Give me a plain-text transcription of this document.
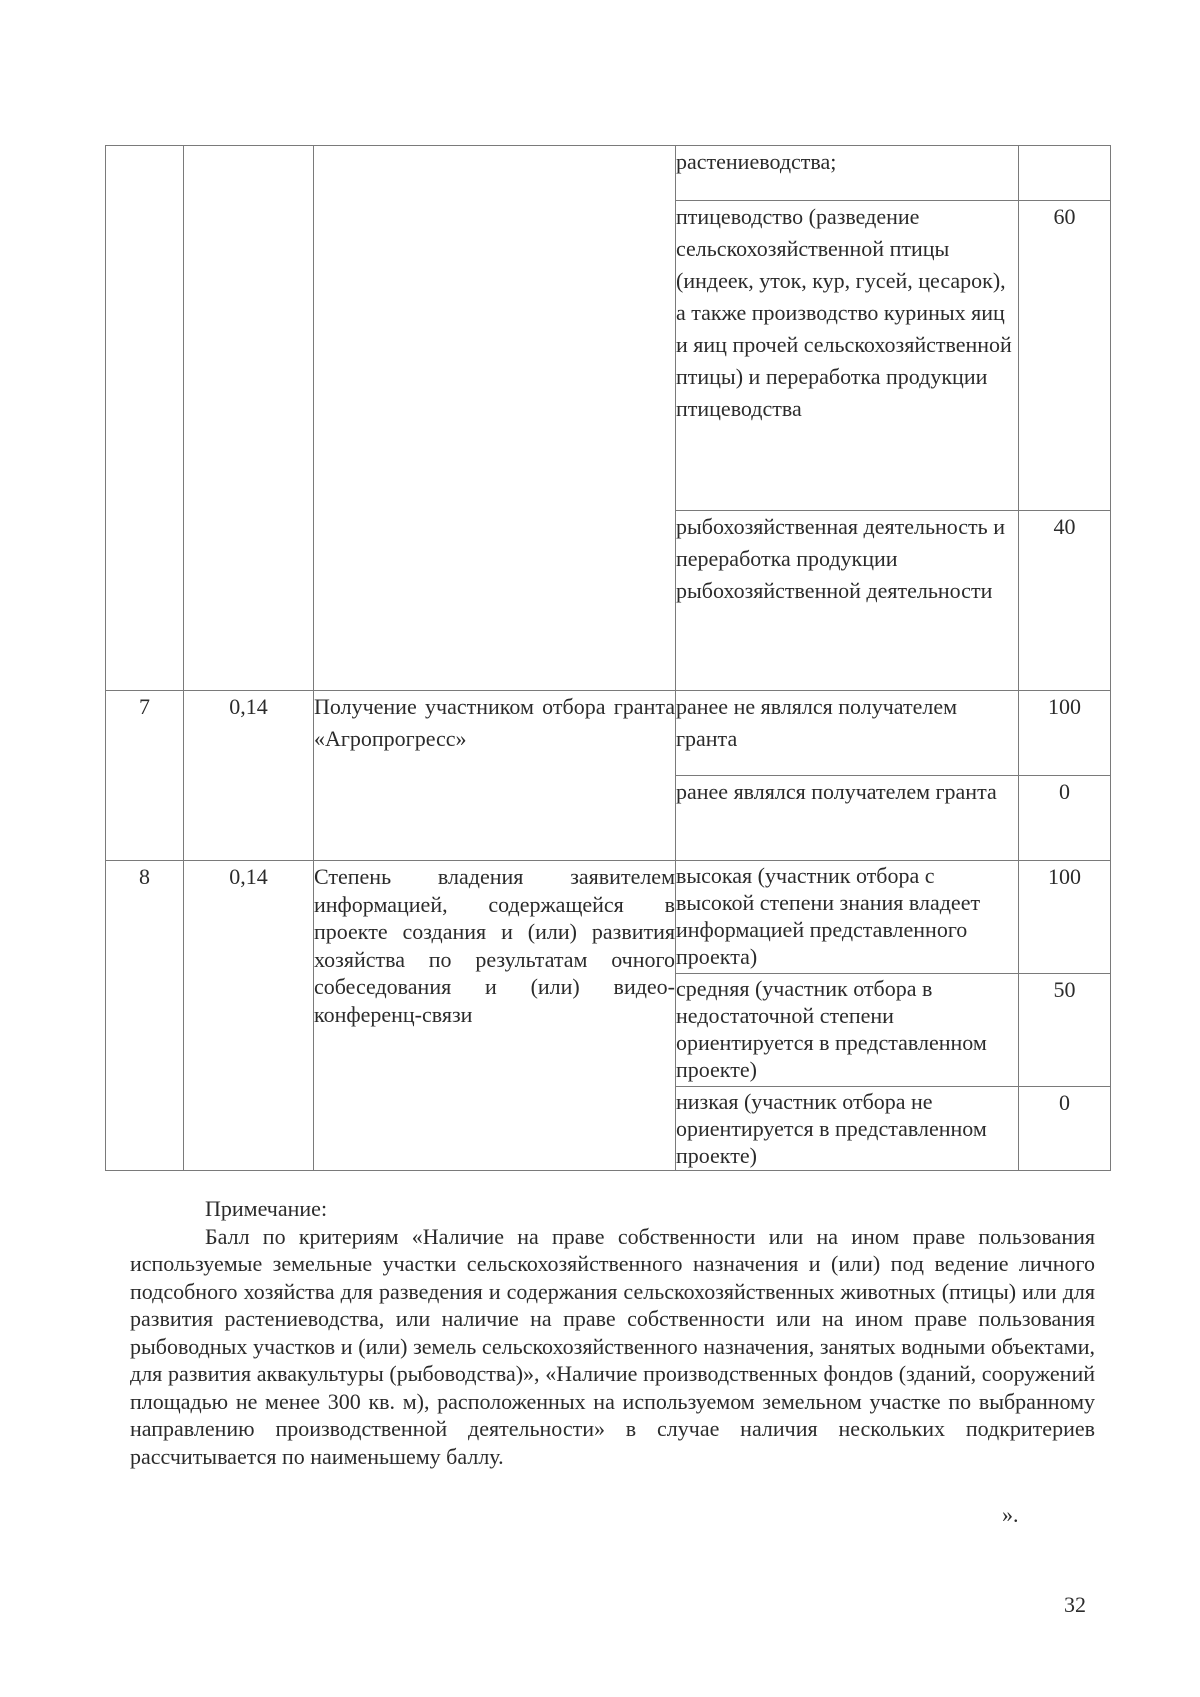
			растениеводства;	
			птицеводство (разведение сельскохозяйственной птицы (индеек, уток, кур, гусей, цесарок), а также производство куриных яиц и яиц прочей сельскохозяйственной птицы) и переработка продукции птицеводства	60
			рыбохозяйственная деятельность и переработка продукции рыбохозяйственной деятельности	40
7	0,14	Получение участником отбора гранта «Агропрогресс»	ранее не являлся получателем гранта	100
			ранее являлся получателем гранта	0
8	0,14	Степень владения заявителем информацией, содержащейся в проекте создания и (или) развития хозяйства по результатам очного собеседования и (или) видео-конференц-связи	высокая (участник отбора с высокой степени знания владеет информацией представленного проекта)	100
			средняя (участник отбора в недостаточной степени ориентируется в представленном проекте)	50
			низкая (участник отбора не ориентируется в представленном проекте)	0
Примечание:
Балл по критериям «Наличие на праве собственности или на ином праве пользования используемые земельные участки сельскохозяйственного назначения и (или) под ведение личного подсобного хозяйства для разведения и содержания сельскохозяйственных животных (птицы) или для развития растениеводства, или наличие на праве собственности или на ином праве пользования рыбоводных участков и (или) земель сельскохозяйственного назначения, занятых водными объектами, для развития аквакультуры (рыбоводства)», «Наличие производственных фондов (зданий, сооружений площадью не менее 300 кв. м), расположенных на используемом земельном участке по выбранному направлению производственной деятельности» в случае наличия нескольких подкритериев рассчитывается по наименьшему баллу.
».
32
